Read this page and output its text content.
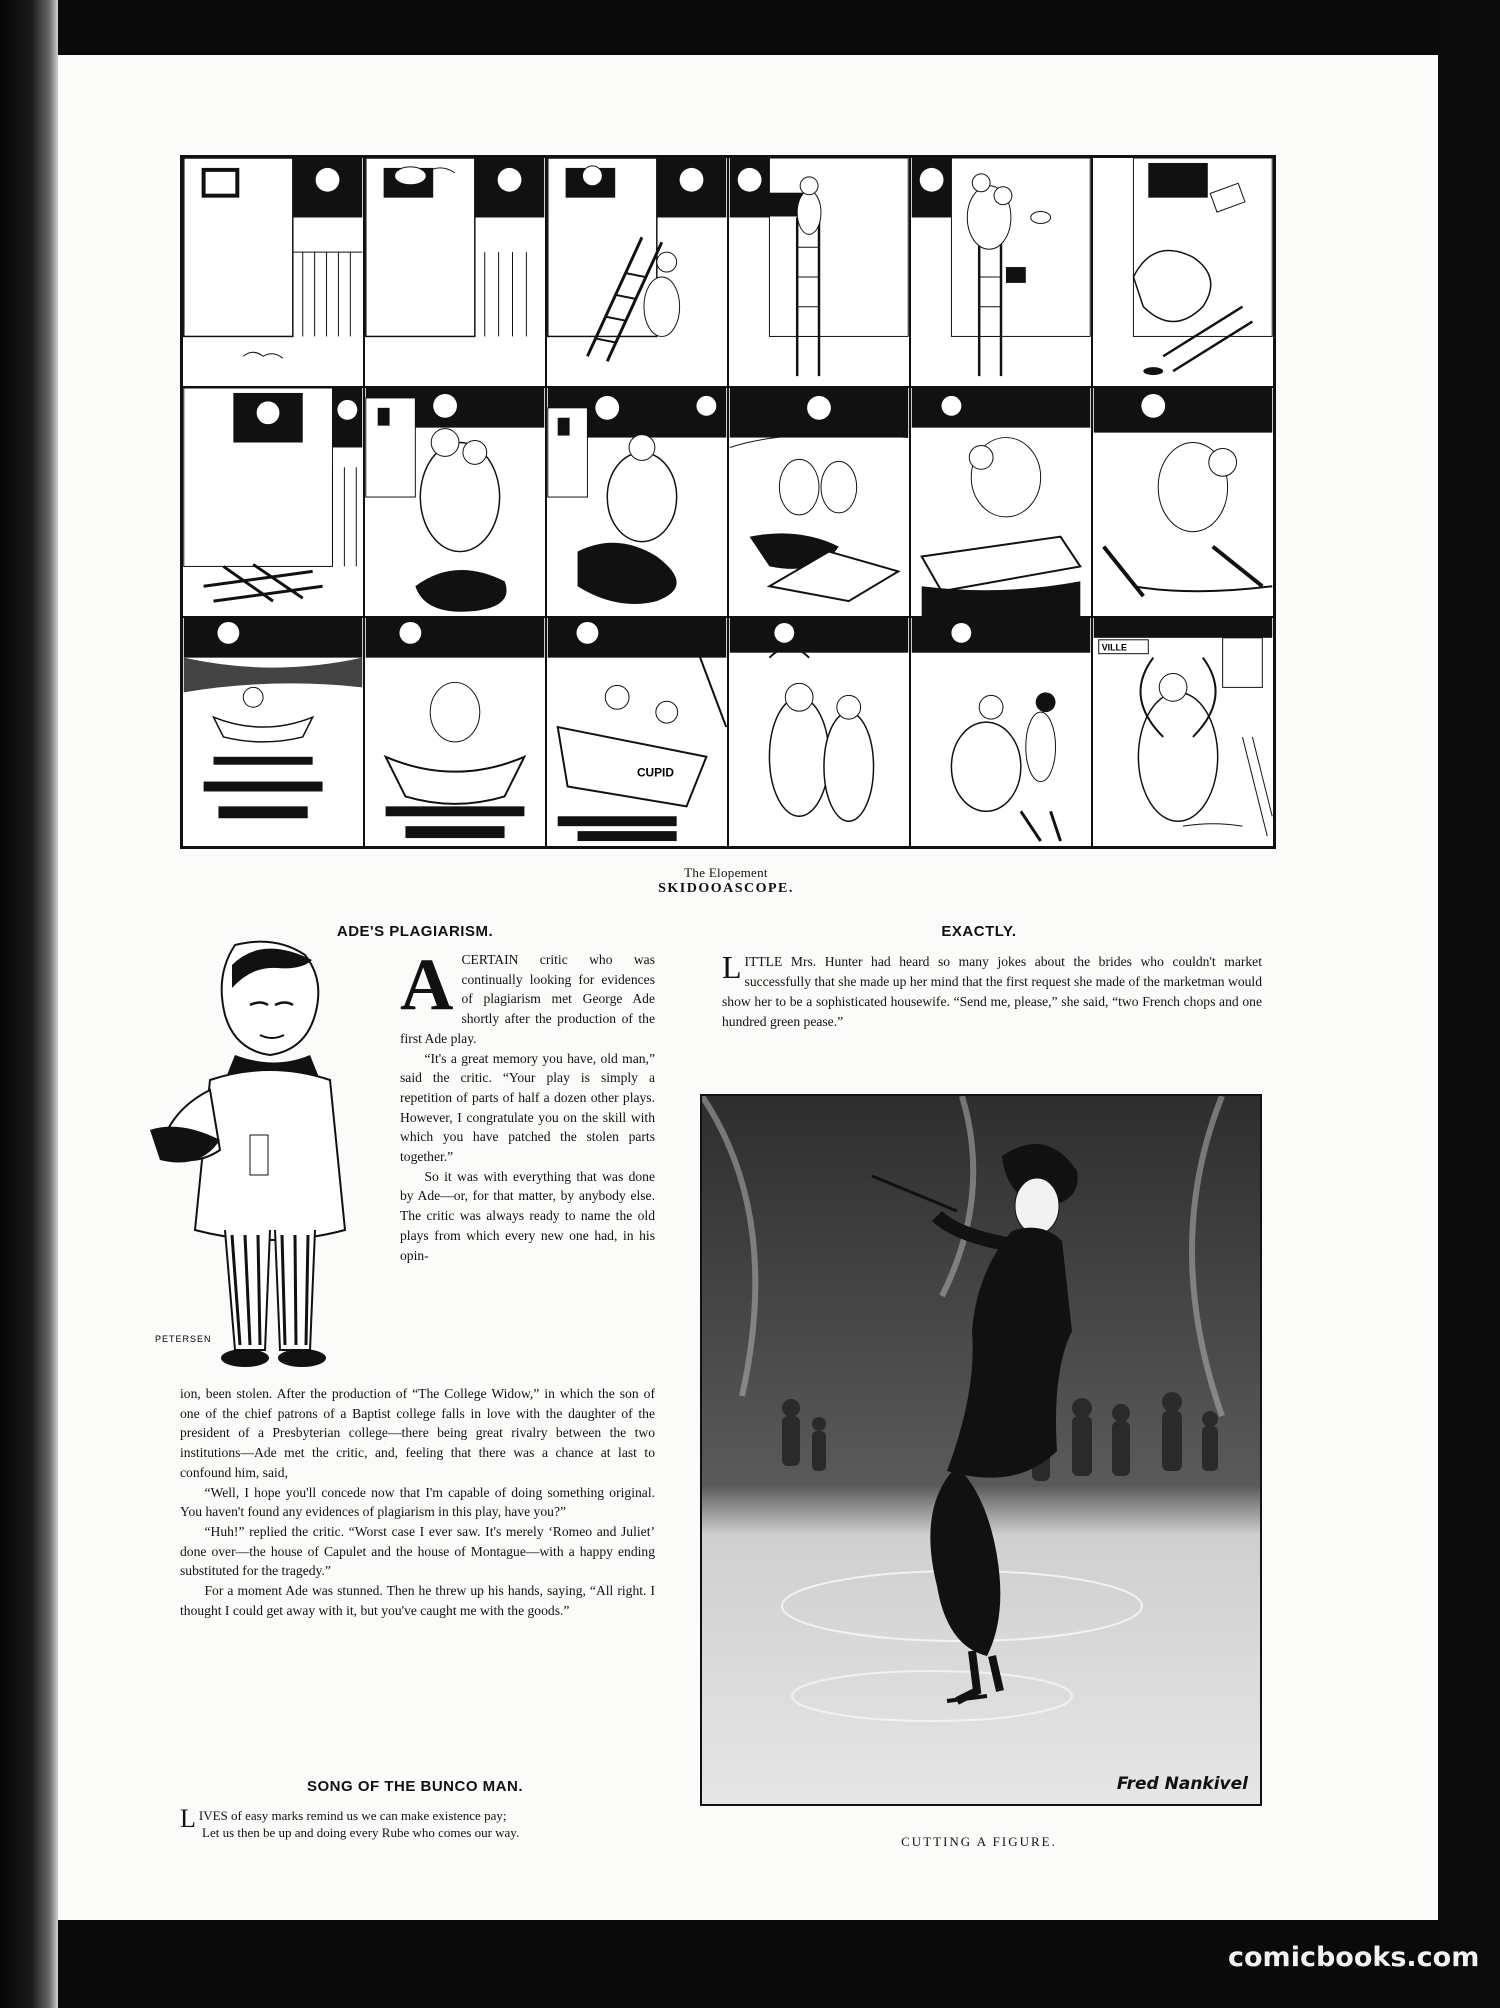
CUPID
VILLE
The Elopement
SKIDOOASCOPE.
ADE'S PLAGIARISM.
PETERSEN

ACERTAIN critic who was continually looking for evidences of plagiarism met George Ade shortly after the production of the first Ade play.

“It's a great memory you have, old man,” said the critic. “Your play is simply a repetition of parts of half a dozen other plays. However, I congratulate you on the skill with which you have patched the stolen parts together.”

So it was with everything that was done by Ade—or, for that matter, by anybody else. The critic was always ready to name the old plays from which every new one had, in his opin-

ion, been stolen. After the production of “The College Widow,” in which the son of one of the chief patrons of a Baptist college falls in love with the daughter of the president of a Presbyterian college—there being great rivalry between the two institutions—Ade met the critic, and, feeling that there was a chance at last to confound him, said,

“Well, I hope you'll concede now that I'm capable of doing something original. You haven't found any evidences of plagiarism in this play, have you?”

“Huh!” replied the critic. “Worst case I ever saw. It's merely ‘Romeo and Juliet’ done over—the house of Capulet and the house of Montague—with a happy ending substituted for the tragedy.”

For a moment Ade was stunned. Then he threw up his hands, saying, “All right. I thought I could get away with it, but you've caught me with the goods.”

SONG OF THE BUNCO MAN.
LIVES of easy marks remind us we can make existence pay;
Let us then be up and doing every Rube who comes our way.
EXACTLY.

LITTLE Mrs. Hunter had heard so many jokes about the brides who couldn't market successfully that she made up her mind that the first request she made of the marketman would show her to be a sophisticated housewife. “Send me, please,” she said, “two French chops and one hundred green pease.”

Fred Nankivel
CUTTING A FIGURE.
comicbooks.com
